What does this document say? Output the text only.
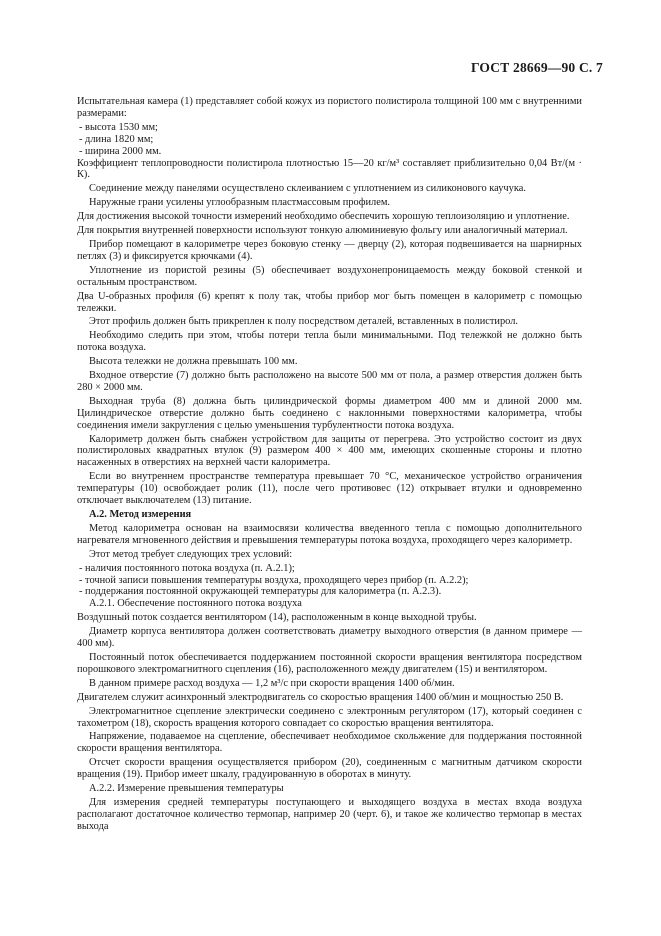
ГОСТ 28669—90 С. 7

Испытательная камера (1) представляет собой кожух из пористого полистирола толщиной 100 мм с внутренними размерами:

- высота 1530 мм;

- длина 1820 мм;

- ширина 2000 мм.

Коэффициент теплопроводности полистирола плотностью 15—20 кг/м³ составляет приблизительно 0,04 Вт/(м · К).

Соединение между панелями осуществлено склеиванием с уплотнением из силиконового каучука.

Наружные грани усилены углообразным пластмассовым профилем.

Для достижения высокой точности измерений необходимо обеспечить хорошую теплоизоляцию и уплотнение.

Для покрытия внутренней поверхности используют тонкую алюминиевую фольгу или аналогичный материал.

Прибор помещают в калориметре через боковую стенку — дверцу (2), которая подвешивается на шарнирных петлях (3) и фиксируется крючками (4).

Уплотнение из пористой резины (5) обеспечивает воздухонепроницаемость между боковой стенкой и остальным пространством.

Два U-образных профиля (6) крепят к полу так, чтобы прибор мог быть помещен в калориметр с помощью тележки.

Этот профиль должен быть прикреплен к полу посредством деталей, вставленных в полистирол.

Необходимо следить при этом, чтобы потери тепла были минимальными. Под тележкой не должно быть потока воздуха.

Высота тележки не должна превышать 100 мм.

Входное отверстие (7) должно быть расположено на высоте 500 мм от пола, а размер отверстия должен быть 280 × 2000 мм.

Выходная труба (8) должна быть цилиндрической формы диаметром 400 мм и длиной 2000 мм. Цилиндрическое отверстие должно быть соединено с наклонными поверхностями калориметра, чтобы соединения имели закругления с целью уменьшения турбулентности потока воздуха.

Калориметр должен быть снабжен устройством для защиты от перегрева. Это устройство состоит из двух полистироловых квадратных втулок (9) размером 400 × 400 мм, имеющих скошенные стороны и плотно насаженных в отверстиях на верхней части калориметра.

Если во внутреннем пространстве температура превышает 70 °С, механическое устройство ограничения температуры (10) освобождает ролик (11), после чего противовес (12) открывает втулки и одновременно отключает выключателем (13) питание.

А.2. Метод измерения

Метод калориметра основан на взаимосвязи количества введенного тепла с помощью дополнительного нагревателя мгновенного действия и превышения температуры потока воздуха, проходящего через калориметр.

Этот метод требует следующих трех условий:

- наличия постоянного потока воздуха (п. А.2.1);

- точной записи повышения температуры воздуха, проходящего через прибор (п. А.2.2);

- поддержания постоянной окружающей температуры для калориметра (п. А.2.3).

А.2.1. Обеспечение постоянного потока воздуха

Воздушный поток создается вентилятором (14), расположенным в конце выходной трубы.

Диаметр корпуса вентилятора должен соответствовать диаметру выходного отверстия (в данном примере — 400 мм).

Постоянный поток обеспечивается поддержанием постоянной скорости вращения вентилятора посредством порошкового электромагнитного сцепления (16), расположенного между двигателем (15) и вентилятором.

В данном примере расход воздуха — 1,2 м³/с при скорости вращения 1400 об/мин.

Двигателем служит асинхронный электродвигатель со скоростью вращения 1400 об/мин и мощностью 250 В.

Электромагнитное сцепление электрически соединено с электронным регулятором (17), который соединен с тахометром (18), скорость вращения которого совпадает со скоростью вращения вентилятора.

Напряжение, подаваемое на сцепление, обеспечивает необходимое скольжение для поддержания постоянной скорости вращения вентилятора.

Отсчет скорости вращения осуществляется прибором (20), соединенным с магнитным датчиком скорости вращения (19). Прибор имеет шкалу, градуированную в оборотах в минуту.

А.2.2. Измерение превышения температуры

Для измерения средней температуры поступающего и выходящего воздуха в местах входа воздуха располагают достаточное количество термопар, например 20 (черт. 6), и такое же количество термопар в местах выхода
